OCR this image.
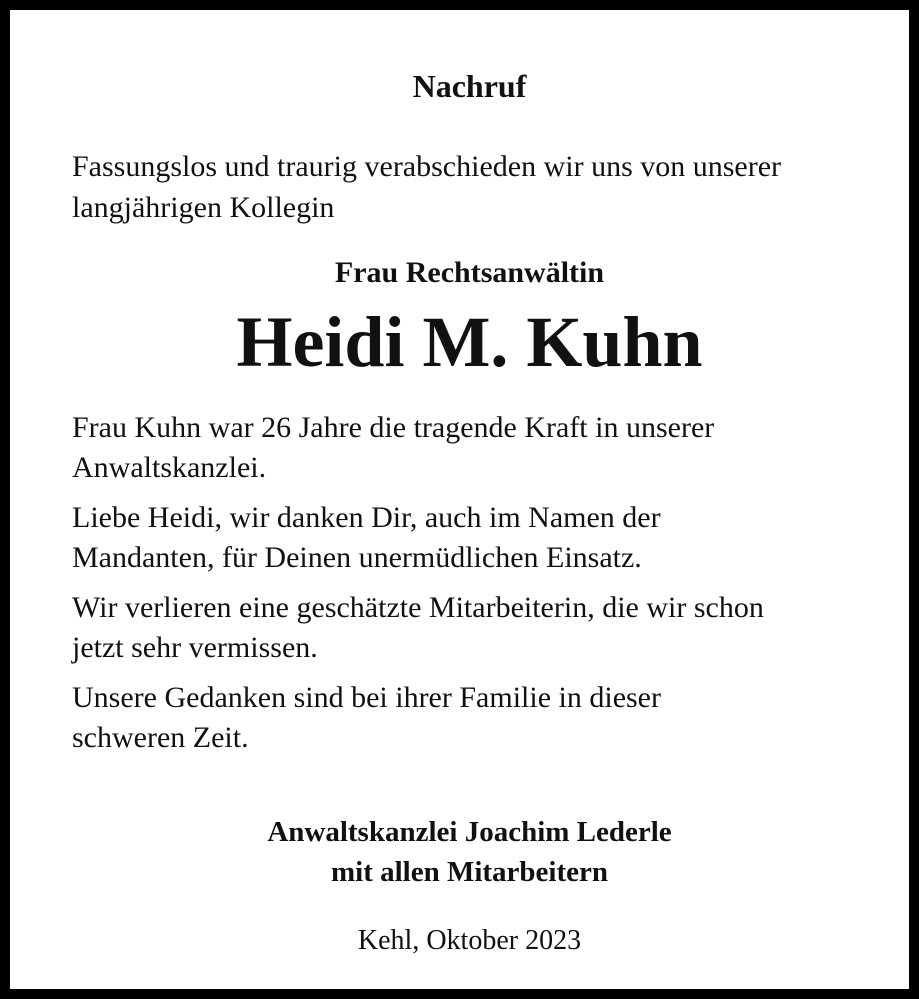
Nachruf

Fassungslos und traurig verabschieden wir uns von unserer
langjährigen Kollegin

Frau Rechtsanwältin
Heidi M. Kuhn

Frau Kuhn war 26 Jahre die tragende Kraft in unserer
Anwaltskanzlei.

Liebe Heidi, wir danken Dir, auch im Namen der
Mandanten, für Deinen unermüdlichen Einsatz.

Wir verlieren eine geschätzte Mitarbeiterin, die wir schon
jetzt sehr vermissen.

Unsere Gedanken sind bei ihrer Familie in dieser
schweren Zeit.

Anwaltskanzlei Joachim Lederle
mit allen Mitarbeitern
Kehl, Oktober 2023
